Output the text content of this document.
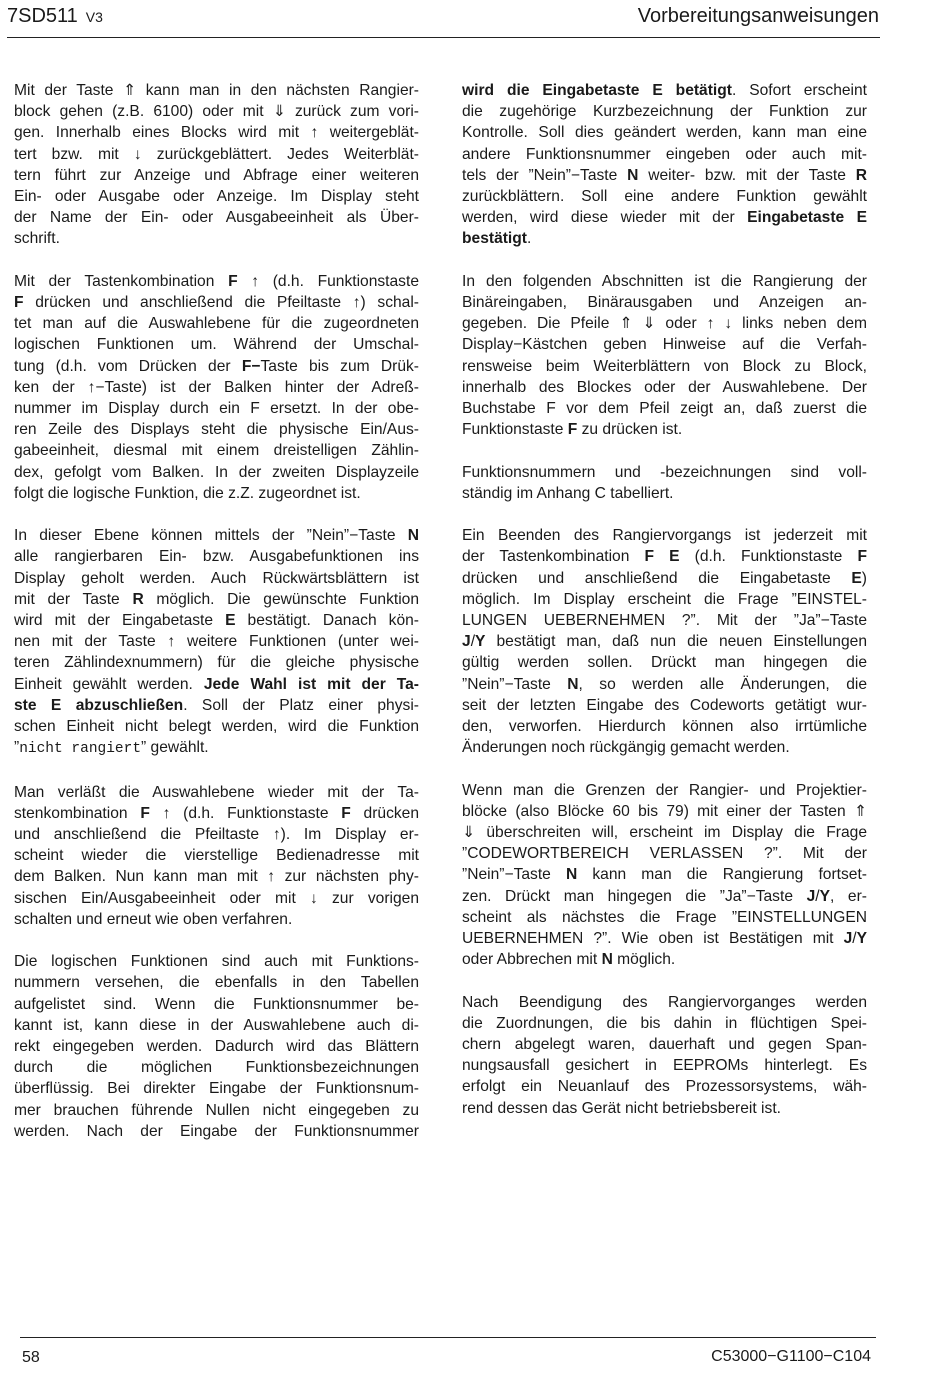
7SD511 V3	Vorbereitungsanweisungen

Mit der Taste ⇑ kann man in den nächsten Rangier-
block gehen (z.B. 6100) oder mit ⇓ zurück zum vori-
gen. Innerhalb eines Blocks wird mit ↑ weitergeblät-
tert bzw. mit ↓ zurückgeblättert. Jedes Weiterblät-
tern führt zur Anzeige und Abfrage einer weiteren
Ein- oder Ausgabe oder Anzeige. Im Display steht
der Name der Ein- oder Ausgabeeinheit als Über-
schrift.

Mit der Tastenkombination F ↑ (d.h. Funktionstaste
F drücken und anschließend die Pfeiltaste ↑) schal-
tet man auf die Auswahlebene für die zugeordneten
logischen Funktionen um. Während der Umschal-
tung (d.h. vom Drücken der F−Taste bis zum Drük-
ken der ↑−Taste) ist der Balken hinter der Adreß-
nummer im Display durch ein F ersetzt. In der obe-
ren Zeile des Displays steht die physische Ein/Aus-
gabeeinheit, diesmal mit einem dreistelligen Zählin-
dex, gefolgt vom Balken. In der zweiten Displayzeile
folgt die logische Funktion, die z.Z. zugeordnet ist.

In dieser Ebene können mittels der ”Nein”−Taste N
alle rangierbaren Ein- bzw. Ausgabefunktionen ins
Display geholt werden. Auch Rückwärtsblättern ist
mit der Taste R möglich. Die gewünschte Funktion
wird mit der Eingabetaste E bestätigt. Danach kön-
nen mit der Taste ↑ weitere Funktionen (unter wei-
teren Zählindexnummern) für die gleiche physische
Einheit gewählt werden. Jede Wahl ist mit der Ta-
ste E abzuschließen. Soll der Platz einer physi-
schen Einheit nicht belegt werden, wird die Funktion
”nicht rangiert” gewählt.

Man verläßt die Auswahlebene wieder mit der Ta-
stenkombination F ↑ (d.h. Funktionstaste F drücken
und anschließend die Pfeiltaste ↑). Im Display er-
scheint wieder die vierstellige Bedienadresse mit
dem Balken. Nun kann man mit ↑ zur nächsten phy-
sischen Ein/Ausgabeeinheit oder mit ↓ zur vorigen
schalten und erneut wie oben verfahren.

Die logischen Funktionen sind auch mit Funktions-
nummern versehen, die ebenfalls in den Tabellen
aufgelistet sind. Wenn die Funktionsnummer be-
kannt ist, kann diese in der Auswahlebene auch di-
rekt eingegeben werden. Dadurch wird das Blättern
durch die möglichen Funktionsbezeichnungen
überflüssig. Bei direkter Eingabe der Funktionsnum-
mer brauchen führende Nullen nicht eingegeben zu
werden. Nach der Eingabe der Funktionsnummer

wird die Eingabetaste E betätigt. Sofort erscheint
die zugehörige Kurzbezeichnung der Funktion zur
Kontrolle. Soll dies geändert werden, kann man eine
andere Funktionsnummer eingeben oder auch mit-
tels der ”Nein”−Taste N weiter- bzw. mit der Taste R
zurückblättern. Soll eine andere Funktion gewählt
werden, wird diese wieder mit der Eingabetaste E
bestätigt.

In den folgenden Abschnitten ist die Rangierung der
Binäreingaben, Binärausgaben und Anzeigen an-
gegeben. Die Pfeile ⇑ ⇓ oder ↑ ↓ links neben dem
Display−Kästchen geben Hinweise auf die Verfah-
rensweise beim Weiterblättern von Block zu Block,
innerhalb des Blockes oder der Auswahlebene. Der
Buchstabe F vor dem Pfeil zeigt an, daß zuerst die
Funktionstaste F zu drücken ist.

Funktionsnummern und -bezeichnungen sind voll-
ständig im Anhang C tabelliert.

Ein Beenden des Rangiervorgangs ist jederzeit mit
der Tastenkombination F E (d.h. Funktionstaste F
drücken und anschließend die Eingabetaste E)
möglich. Im Display erscheint die Frage ”EINSTEL-
LUNGEN UEBERNEHMEN ?”. Mit der ”Ja”−Taste
J/Y bestätigt man, daß nun die neuen Einstellungen
gültig werden sollen. Drückt man hingegen die
”Nein”−Taste N, so werden alle Änderungen, die
seit der letzten Eingabe des Codeworts getätigt wur-
den, verworfen. Hierdurch können also irrtümliche
Änderungen noch rückgängig gemacht werden.

Wenn man die Grenzen der Rangier- und Projektier-
blöcke (also Blöcke 60 bis 79) mit einer der Tasten ⇑
⇓ überschreiten will, erscheint im Display die Frage
”CODEWORTBEREICH VERLASSEN ?”. Mit der
”Nein”−Taste N kann man die Rangierung fortset-
zen. Drückt man hingegen die ”Ja”−Taste J/Y, er-
scheint als nächstes die Frage ”EINSTELLUNGEN
UEBERNEHMEN ?”. Wie oben ist Bestätigen mit J/Y
oder Abbrechen mit N möglich.

Nach Beendigung des Rangiervorganges werden
die Zuordnungen, die bis dahin in flüchtigen Spei-
chern abgelegt waren, dauerhaft und gegen Span-
nungsausfall gesichert in EEPROMs hinterlegt. Es
erfolgt ein Neuanlauf des Prozessorsystems, wäh-
rend dessen das Gerät nicht betriebsbereit ist.

58	C53000−G1100−C104
